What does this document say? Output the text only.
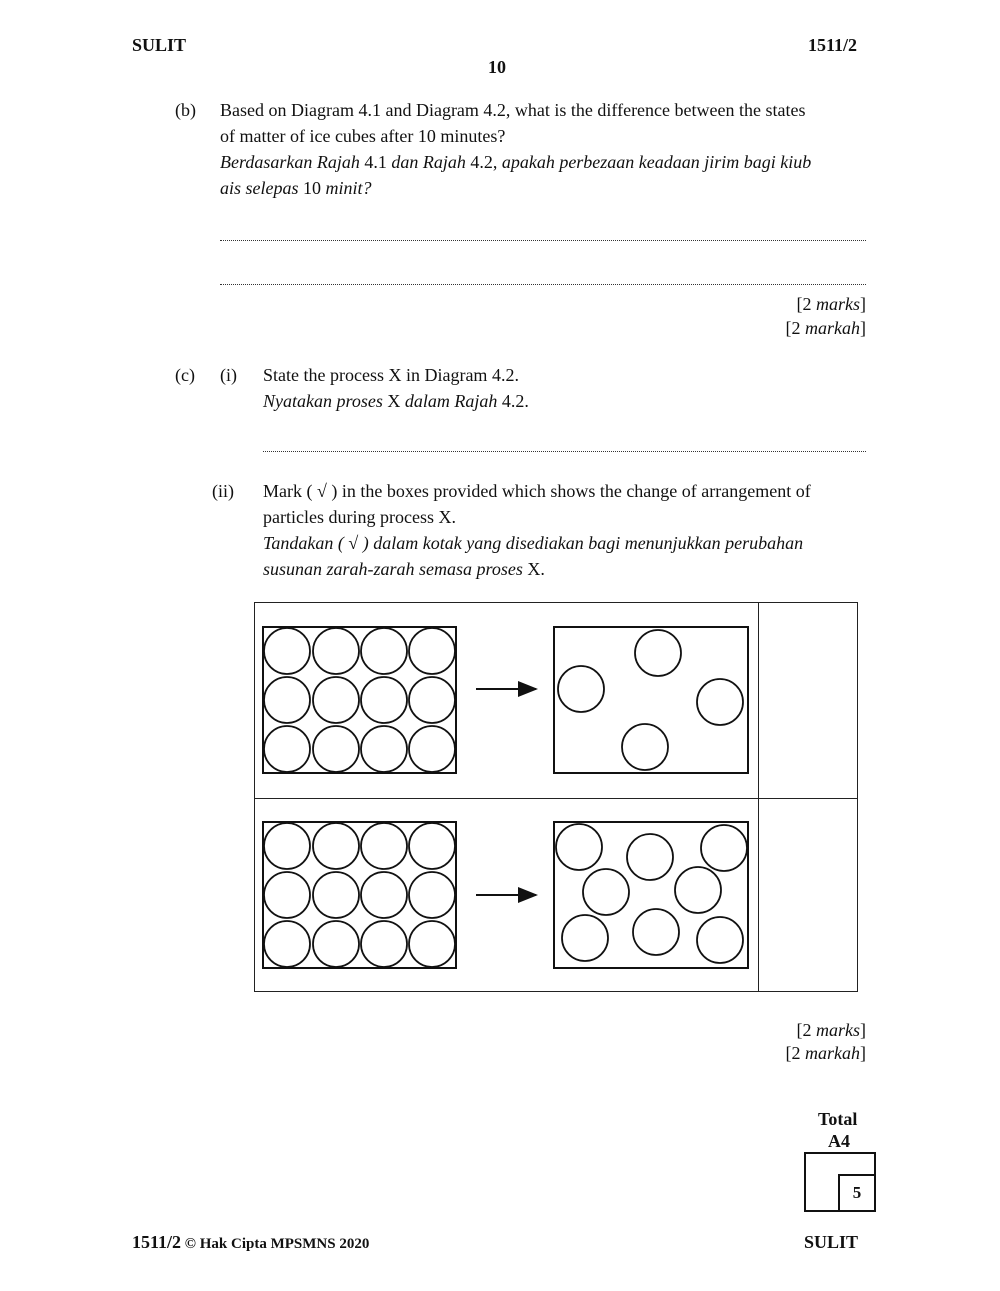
SULIT	1511/2
10
(b) Based on Diagram 4.1 and Diagram 4.2, what is the difference between the states
of matter of ice cubes after 10 minutes?
Berdasarkan Rajah 4.1 dan Rajah 4.2, apakah perbezaan keadaan jirim bagi kiub
ais selepas 10 minit?
[2 marks]
[2 markah]
(c) (i) State the process X in Diagram 4.2.
Nyatakan proses X dalam Rajah 4.2.
(ii) Mark ( √ ) in the boxes provided which shows the change of arrangement of
particles during process X.
Tandakan ( √ ) dalam kotak yang disediakan bagi menunjukkan perubahan
susunan zarah-zarah semasa proses X.
[2 marks]
[2 markah]
Total
A4
5
1511/2 © Hak Cipta MPSMNS 2020	SULIT
